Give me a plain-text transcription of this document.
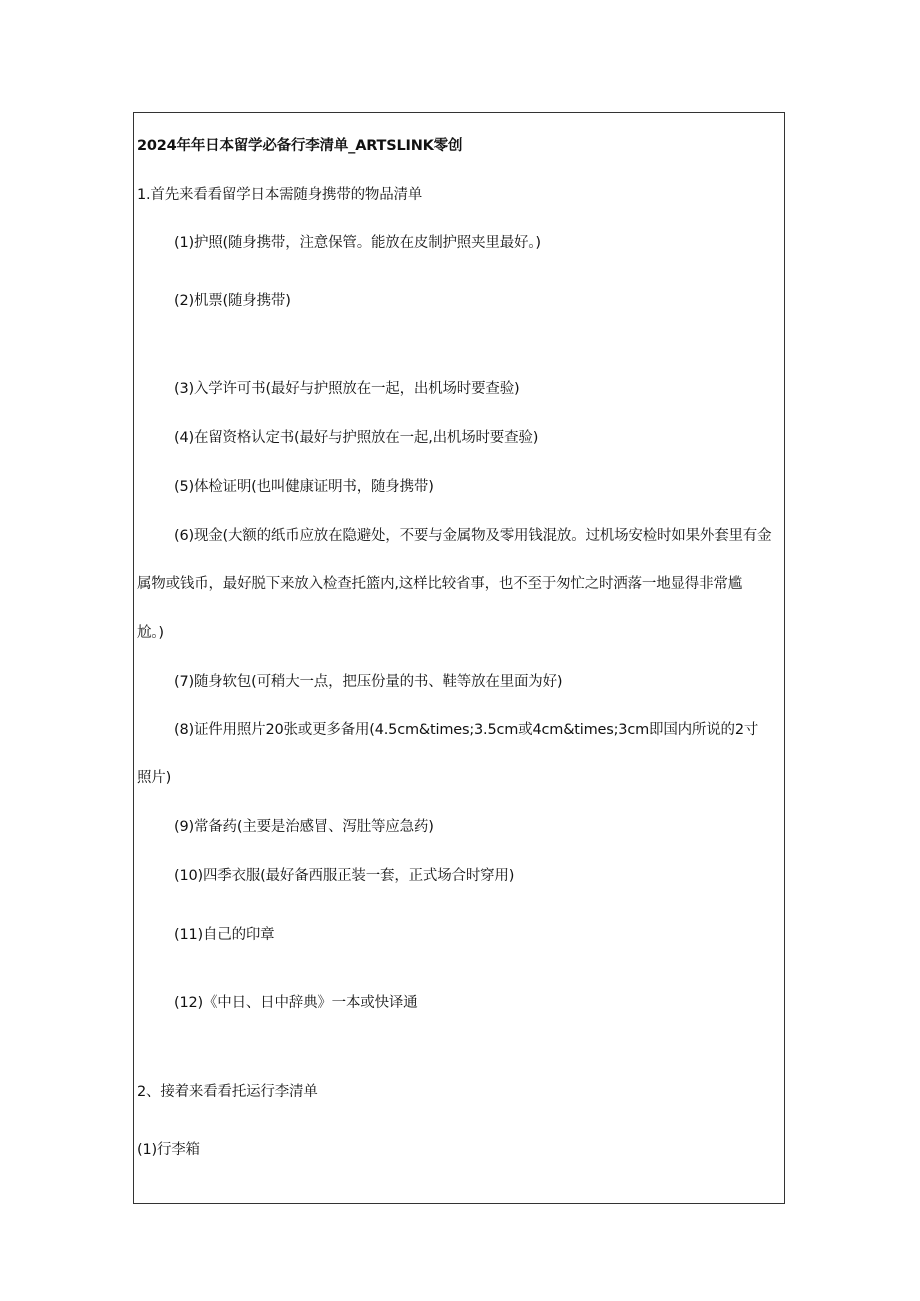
2024年年日本留学必备行李清单_ARTSLINK零创
1.首先来看看留学日本需随身携带的物品清单
(1)护照(随身携带，注意保管。能放在皮制护照夹里最好。)
(2)机票(随身携带)
(3)入学许可书(最好与护照放在一起，出机场时要查验)
(4)在留资格认定书(最好与护照放在一起,出机场时要查验)
(5)体检证明(也叫健康证明书，随身携带)
(6)现金(大额的纸币应放在隐避处，不要与金属物及零用钱混放。过机场安检时如果外套里有金
属物或钱币，最好脱下来放入检查托篮内,这样比较省事，也不至于匆忙之时洒落一地显得非常尴
尬。)
(7)随身软包(可稍大一点，把压份量的书、鞋等放在里面为好)
(8)证件用照片20张或更多备用(4.5cm&times;3.5cm或4cm&times;3cm即国内所说的2寸
照片)
(9)常备药(主要是治感冒、泻肚等应急药)
(10)四季衣服(最好备西服正装一套，正式场合时穿用)
(11)自己的印章
(12)《中日、日中辞典》一本或快译通
2、接着来看看托运行李清单
(1)行李箱
